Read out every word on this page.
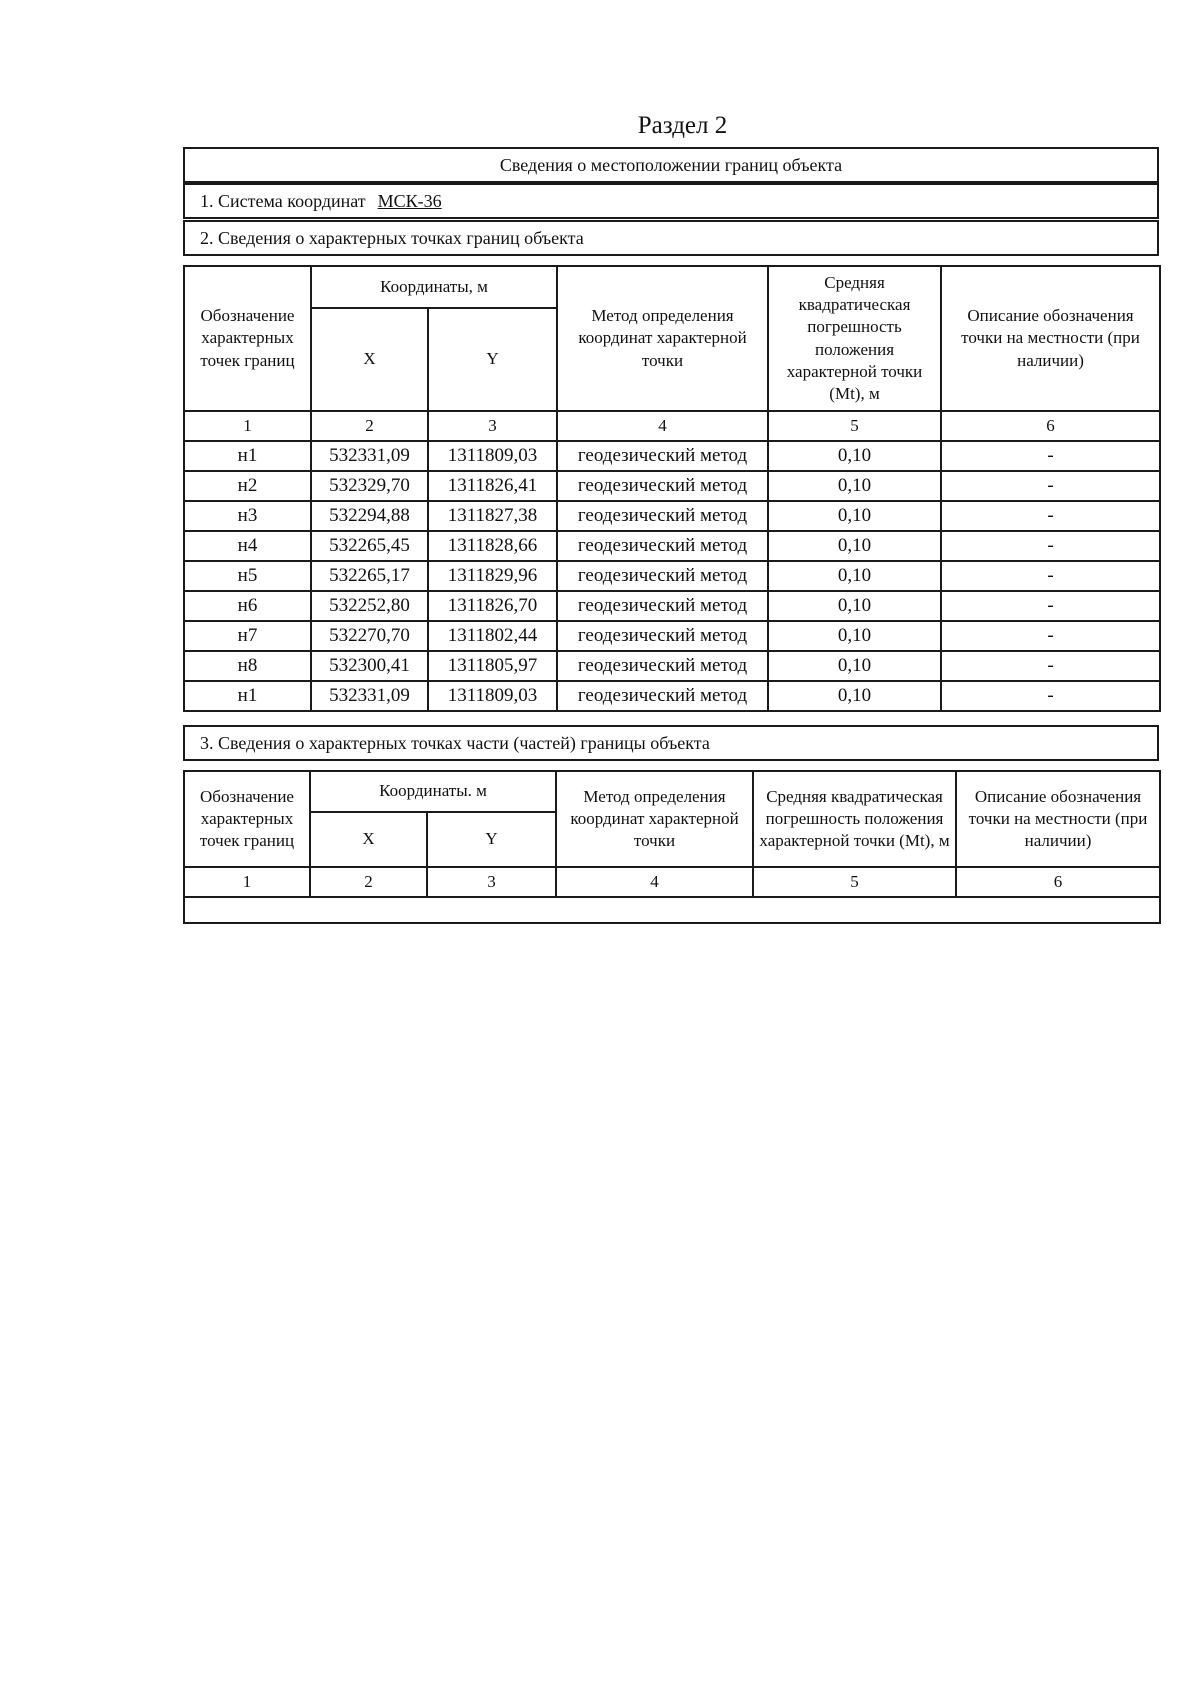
Раздел 2
Сведения о местоположении границ объекта
1. Система координат МСК-36
2. Сведения о характерных точках границ объекта
Обозначение характерных точек границ	Координаты, м		Метод определения координат характерной точки	Средняя квадратическая погрешность положения характерной точки (Mt), м	Описание обозначения точки на местности (при наличии)
	X	Y			
1	2	3	4	5	6
н1	532331,09	1311809,03	геодезический метод	0,10	-
н2	532329,70	1311826,41	геодезический метод	0,10	-
н3	532294,88	1311827,38	геодезический метод	0,10	-
н4	532265,45	1311828,66	геодезический метод	0,10	-
н5	532265,17	1311829,96	геодезический метод	0,10	-
н6	532252,80	1311826,70	геодезический метод	0,10	-
н7	532270,70	1311802,44	геодезический метод	0,10	-
н8	532300,41	1311805,97	геодезический метод	0,10	-
н1	532331,09	1311809,03	геодезический метод	0,10	-
3. Сведения о характерных точках части (частей) границы объекта
Обозначение характерных точек границ	Координаты. м		Метод определения координат характерной точки	Средняя квадратическая погрешность положения характерной точки (Mt), м	Описание обозначения точки на местности (при наличии)
	X	Y			
1	2	3	4	5	6
